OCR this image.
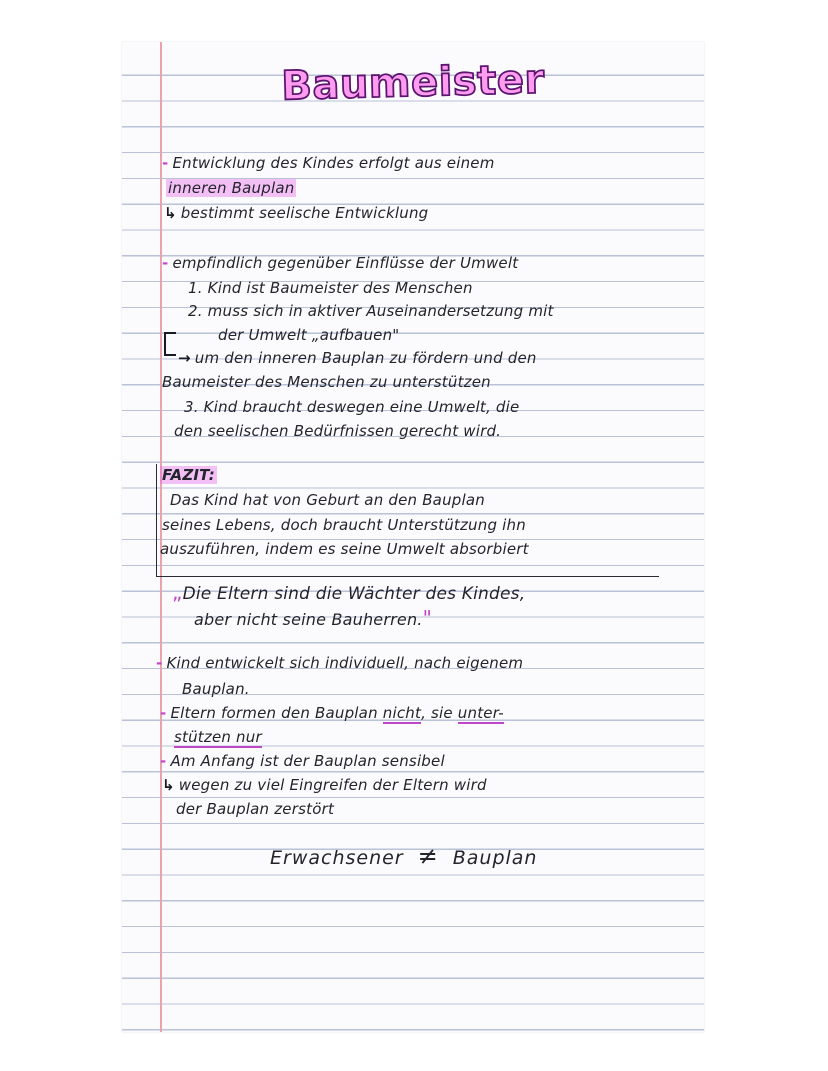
Baumeister
- Entwicklung des Kindes erfolgt aus einem
inneren Bauplan
↳ bestimmt seelische Entwicklung
- empfindlich gegenüber Einflüsse der Umwelt
1. Kind ist Baumeister des Menschen
2. muss sich in aktiver Auseinandersetzung mit
der Umwelt „aufbauen"
→ um den inneren Bauplan zu fördern und den
Baumeister des Menschen zu unterstützen
3. Kind braucht deswegen eine Umwelt, die
den seelischen Bedürfnissen gerecht wird.
FAZIT:
Das Kind hat von Geburt an den Bauplan
seines Lebens, doch braucht Unterstützung ihn
auszuführen, indem es seine Umwelt absorbiert
„Die Eltern sind die Wächter des Kindes,
aber nicht seine Bauherren."
- Kind entwickelt sich individuell, nach eigenem
Bauplan.
- Eltern formen den Bauplan nicht, sie unter-
stützen nur
- Am Anfang ist der Bauplan sensibel
↳ wegen zu viel Eingreifen der Eltern wird
der Bauplan zerstört
Erwachsener ≠ Bauplan
